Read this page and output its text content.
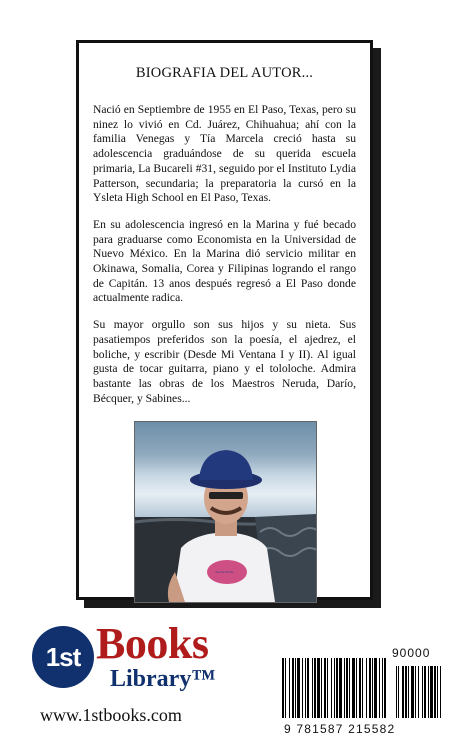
BIOGRAFIA DEL AUTOR...

Nació en Septiembre de 1955 en El Paso, Texas, pero su ninez lo vivió en Cd. Juárez, Chihuahua; ahí con la familia Venegas y Tía Marcela creció hasta su adolescencia graduándose de su querida escuela primaria, La Bucareli #31, seguido por el Instituto Lydia Patterson, secundaria; la preparatoria la cursó en la Ysleta High School en El Paso, Texas.

En su adolescencia ingresó en la Marina y fué becado para graduarse como Economista en la Universidad de Nuevo México. En la Marina dió servicio militar en Okinawa, Somalia, Corea y Filipinas logrando el rango de Capitán. 13 anos después regresó a El Paso donde actualmente radica.

Su mayor orgullo son sus hijos y su nieta. Sus pasatiempos preferidos son la poesía, el ajedrez, el boliche, y escribir (Desde Mi Ventana I y II). Al igual gusta de tocar guitarra, piano y el tololoche. Admira bastante las obras de los Maestros Neruda, Darío, Bécquer, y Sabines...

~~~~
1st Books
Library™
www.1stbooks.com
90000
9 781587 215582
